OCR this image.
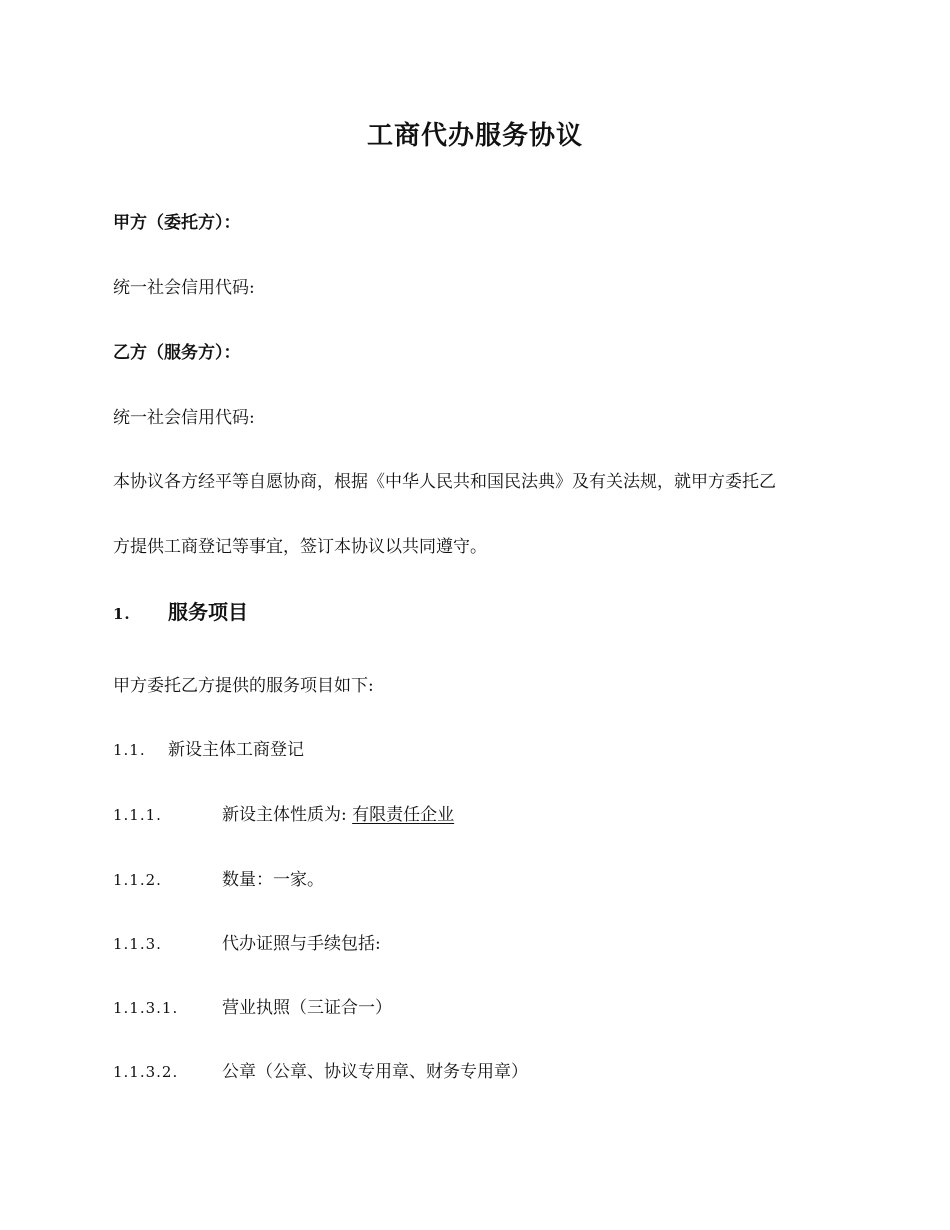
工商代办服务协议
甲方（委托方）：
统一社会信用代码:
乙方（服务方）：
统一社会信用代码:
本协议各方经平等自愿协商，根据《中华人民共和国民法典》及有关法规，就甲方委托乙
方提供工商登记等事宜，签订本协议以共同遵守。
1. 服务项目
甲方委托乙方提供的服务项目如下:
1.1. 新设主体工商登记
1.1.1.	新设主体性质为: 有限责任企业
1.1.2.	数量：一家。
1.1.3.	代办证照与手续包括:
1.1.3.1.	营业执照（三证合一）
1.1.3.2.	公章（公章、协议专用章、财务专用章）
